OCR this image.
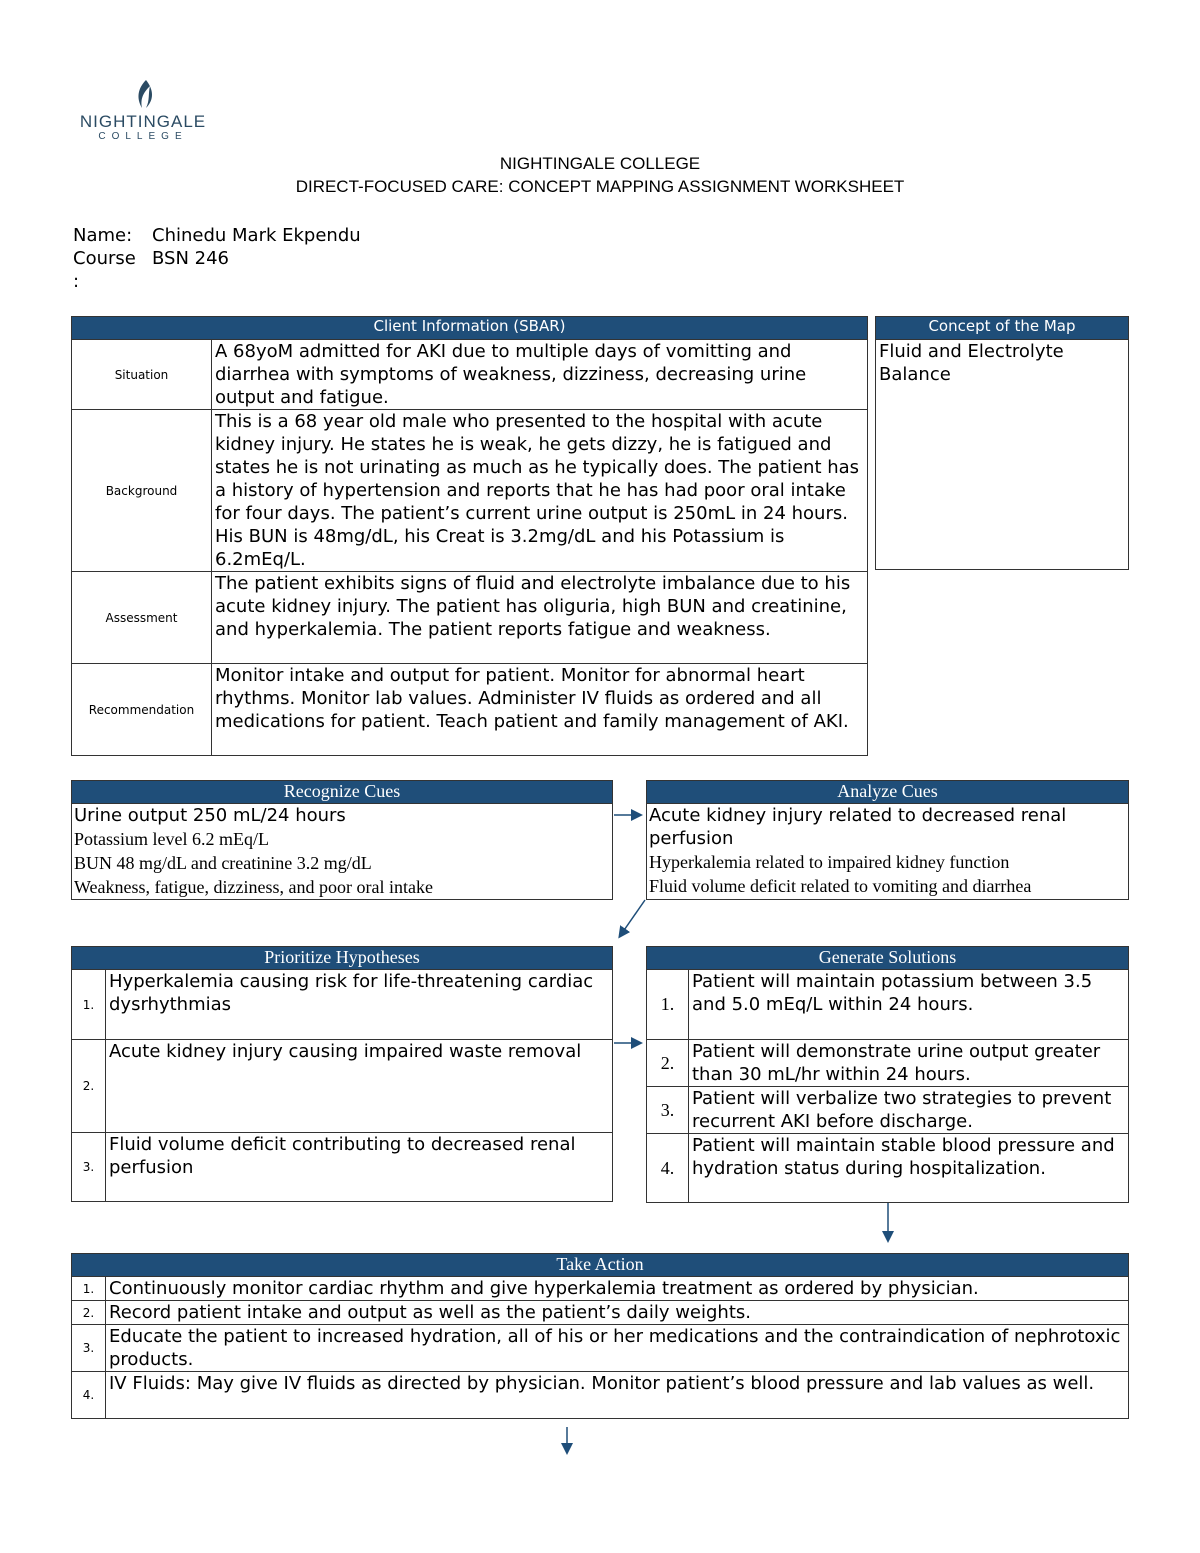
NIGHTINGALE
COLLEGE
NIGHTINGALE COLLEGE
DIRECT-FOCUSED CARE: CONCEPT MAPPING ASSIGNMENT WORKSHEET
Name: Chinedu Mark Ekpendu
Course BSN 246
:
Client Information (SBAR)	
Situation	A 68yoM admitted for AKI due to multiple days of vomitting and diarrhea with symptoms of weakness, dizziness, decreasing urine output and fatigue.
Background	This is a 68 year old male who presented to the hospital with acute kidney injury. He states he is weak, he gets dizzy, he is fatigued and states he is not urinating as much as he typically does. The patient has a history of hypertension and reports that he has had poor oral intake for four days. The patient’s current urine output is 250mL in 24 hours. His BUN is 48mg/dL, his Creat is 3.2mg/dL and his Potassium is 6.2mEq/L.
Assessment	The patient exhibits signs of fluid and electrolyte imbalance due to his acute kidney injury. The patient has oliguria, high BUN and creatinine, and hyperkalemia. The patient reports fatigue and weakness.
Recommendation	Monitor intake and output for patient. Monitor for abnormal heart rhythms. Monitor lab values. Administer IV fluids as ordered and all medications for patient. Teach patient and family management of AKI.
Concept of the Map
Fluid and Electrolyte Balance
Recognize Cues

Urine output 250 mL/24 hours
Potassium level 6.2 mEq/L
BUN 48 mg/dL and creatinine 3.2 mg/dL
Weakness, fatigue, dizziness, and poor oral intake
Analyze Cues

Acute kidney injury related to decreased renal perfusion
Hyperkalemia related to impaired kidney function
Fluid volume deficit related to vomiting and diarrhea
Prioritize Hypotheses	
1.	Hyperkalemia causing risk for life-threatening cardiac dysrhythmias
2.	Acute kidney injury causing impaired waste removal
3.	Fluid volume deficit contributing to decreased renal perfusion
Generate Solutions	
1.	Patient will maintain potassium between 3.5 and 5.0 mEq/L within 24 hours.
2.	Patient will demonstrate urine output greater than 30 mL/hr within 24 hours.
3.	Patient will verbalize two strategies to prevent recurrent AKI before discharge.
4.	Patient will maintain stable blood pressure and hydration status during hospitalization.
Take Action	
1.	Continuously monitor cardiac rhythm and give hyperkalemia treatment as ordered by physician.
2.	Record patient intake and output as well as the patient’s daily weights.
3.	Educate the patient to increased hydration, all of his or her medications and the contraindication of nephrotoxic products.
4.	IV Fluids: May give IV fluids as directed by physician. Monitor patient’s blood pressure and lab values as well.
